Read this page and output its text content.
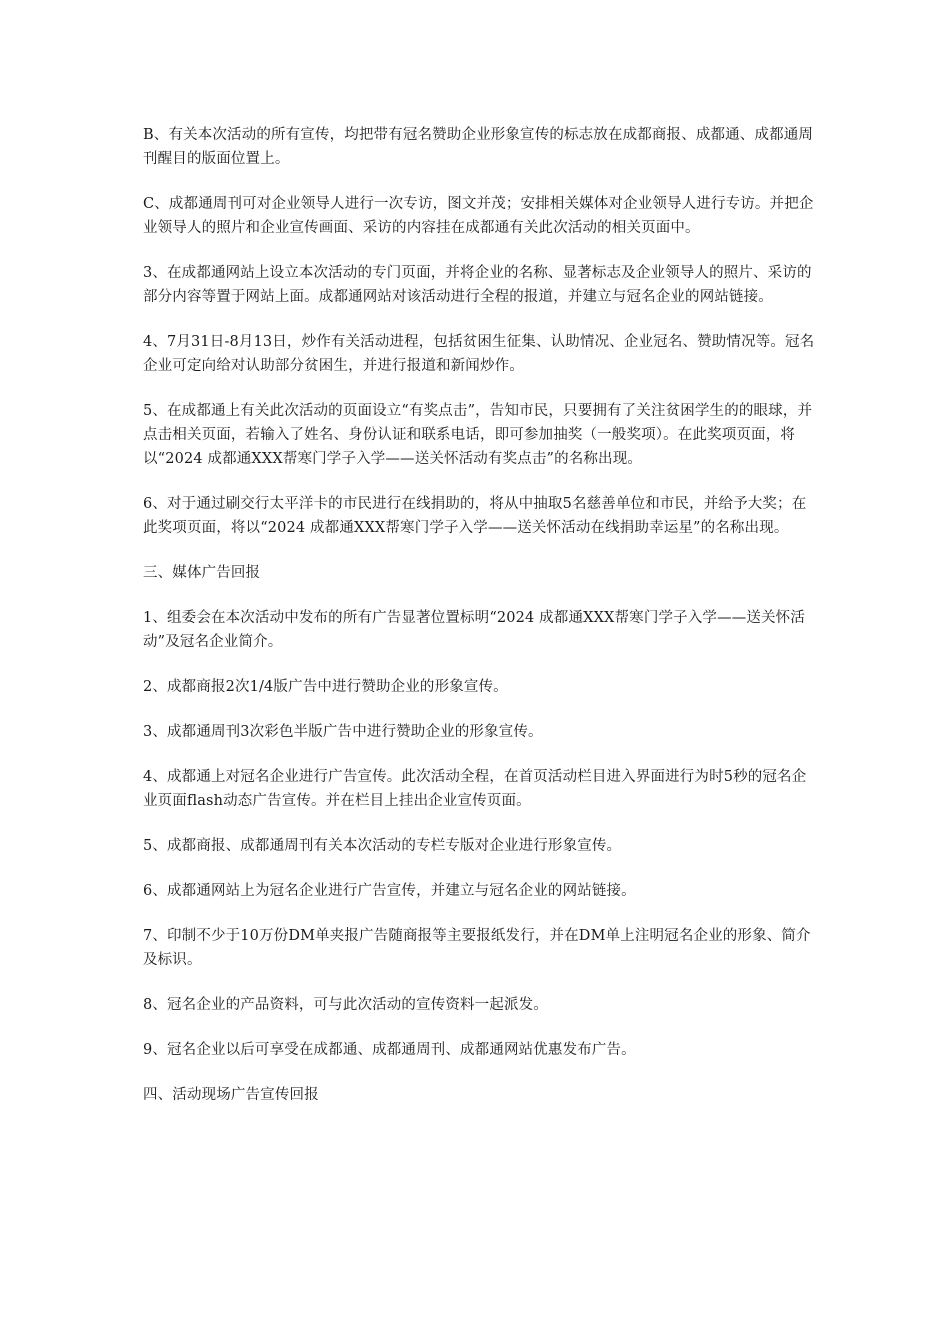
B、有关本次活动的所有宣传，均把带有冠名赞助企业形象宣传的标志放在成都商报、成都通、成都通周刊醒目的版面位置上。

C、成都通周刊可对企业领导人进行一次专访，图文并茂；安排相关媒体对企业领导人进行专访。并把企业领导人的照片和企业宣传画面、采访的内容挂在成都通有关此次活动的相关页面中。

3、在成都通网站上设立本次活动的专门页面，并将企业的名称、显著标志及企业领导人的照片、采访的部分内容等置于网站上面。成都通网站对该活动进行全程的报道，并建立与冠名企业的网站链接。

4、7月31日-8月13日，炒作有关活动进程，包括贫困生征集、认助情况、企业冠名、赞助情况等。冠名企业可定向给对认助部分贫困生，并进行报道和新闻炒作。

5、在成都通上有关此次活动的页面设立“有奖点击”，告知市民，只要拥有了关注贫困学生的的眼球，并点击相关页面，若输入了姓名、身份认证和联系电话，即可参加抽奖（一般奖项）。在此奖项页面，将以“2024 成都通XXX帮寒门学子入学——送关怀活动有奖点击”的名称出现。

6、对于通过刷交行太平洋卡的市民进行在线捐助的，将从中抽取5名慈善单位和市民，并给予大奖；在此奖项页面，将以“2024 成都通XXX帮寒门学子入学——送关怀活动在线捐助幸运星”的名称出现。

三、媒体广告回报

1、组委会在本次活动中发布的所有广告显著位置标明“2024 成都通XXX帮寒门学子入学——送关怀活动”及冠名企业简介。

2、成都商报2次1/4版广告中进行赞助企业的形象宣传。

3、成都通周刊3次彩色半版广告中进行赞助企业的形象宣传。

4、成都通上对冠名企业进行广告宣传。此次活动全程，在首页活动栏目进入界面进行为时5秒的冠名企业页面flash动态广告宣传。并在栏目上挂出企业宣传页面。

5、成都商报、成都通周刊有关本次活动的专栏专版对企业进行形象宣传。

6、成都通网站上为冠名企业进行广告宣传，并建立与冠名企业的网站链接。

7、印制不少于10万份DM单夹报广告随商报等主要报纸发行，并在DM单上注明冠名企业的形象、简介及标识。

8、冠名企业的产品资料，可与此次活动的宣传资料一起派发。

9、冠名企业以后可享受在成都通、成都通周刊、成都通网站优惠发布广告。

四、活动现场广告宣传回报
